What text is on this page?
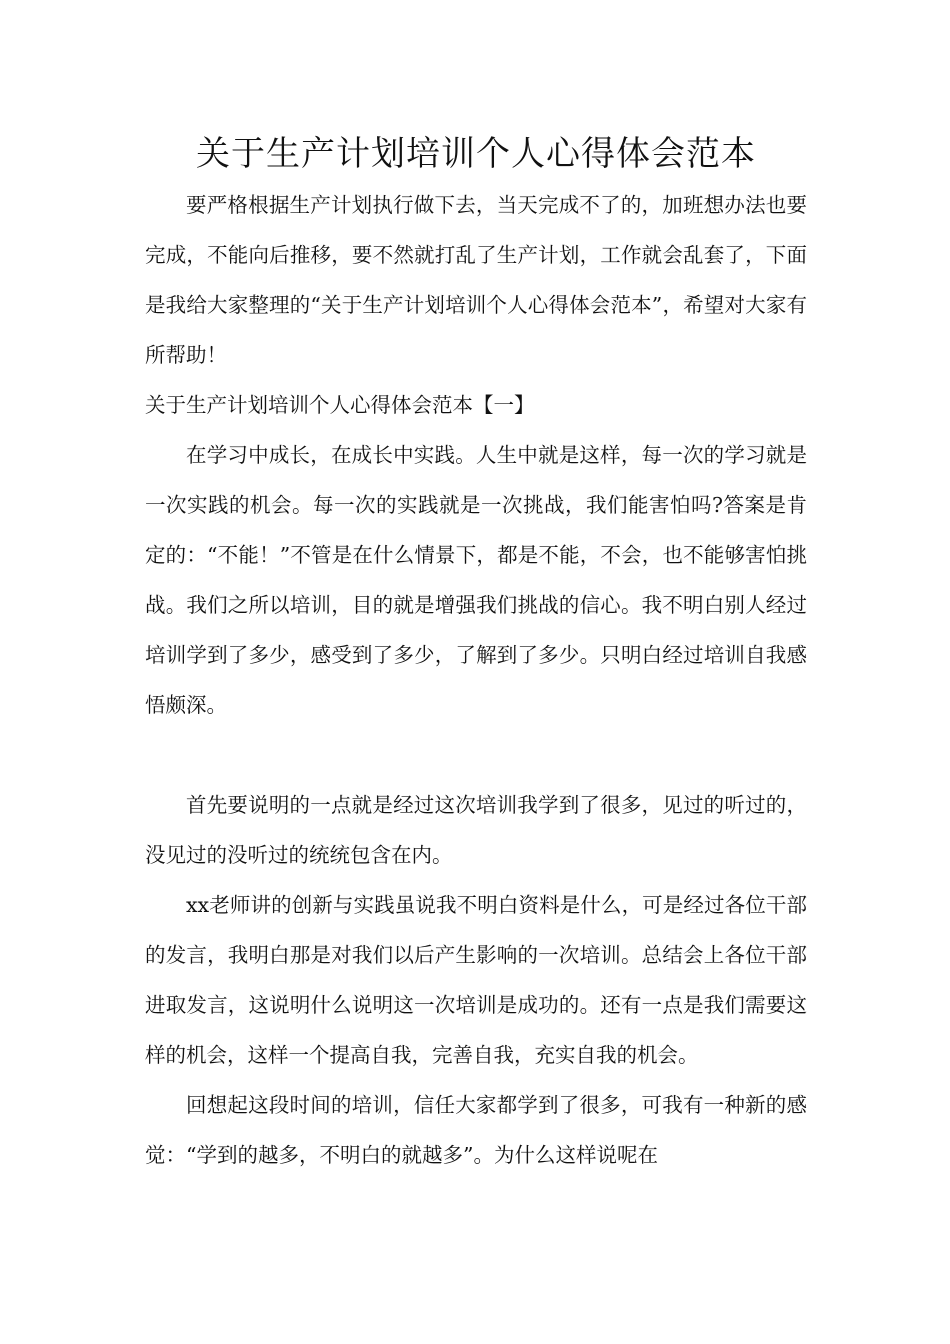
关于生产计划培训个人心得体会范本

要严格根据生产计划执行做下去，当天完成不了的，加班想办法也要完成，不能向后推移，要不然就打乱了生产计划，工作就会乱套了，下面是我给大家整理的“关于生产计划培训个人心得体会范本”，希望对大家有所帮助！

关于生产计划培训个人心得体会范本【一】

在学习中成长，在成长中实践。人生中就是这样，每一次的学习就是一次实践的机会。每一次的实践就是一次挑战，我们能害怕吗?答案是肯定的：“不能！”不管是在什么情景下，都是不能，不会，也不能够害怕挑战。我们之所以培训，目的就是增强我们挑战的信心。我不明白别人经过培训学到了多少，感受到了多少，了解到了多少。只明白经过培训自我感悟颇深。

首先要说明的一点就是经过这次培训我学到了很多，见过的听过的，没见过的没听过的统统包含在内。

xx老师讲的创新与实践虽说我不明白资料是什么，可是经过各位干部的发言，我明白那是对我们以后产生影响的一次培训。总结会上各位干部进取发言，这说明什么说明这一次培训是成功的。还有一点是我们需要这样的机会，这样一个提高自我，完善自我，充实自我的机会。

回想起这段时间的培训，信任大家都学到了很多，可我有一种新的感觉：“学到的越多，不明白的就越多”。为什么这样说呢在
